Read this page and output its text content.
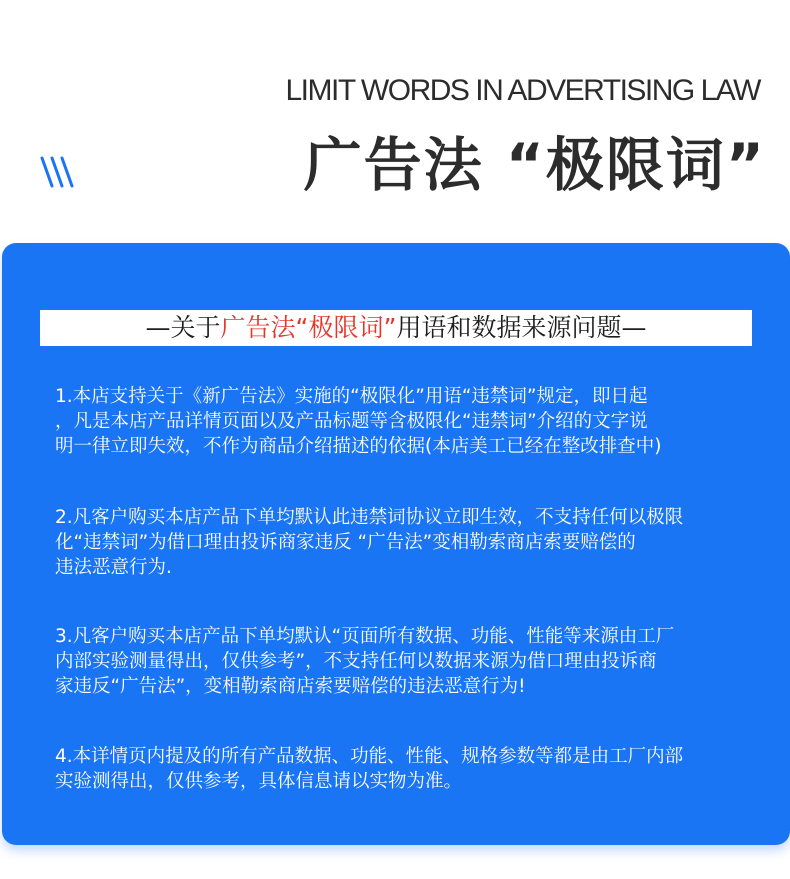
LIMIT WORDS IN ADVERTISING LAW
广告法 “极限词”
—关于广告法“极限词”用语和数据来源问题—
1.本店支持关于《新广告法》实施的“极限化”用语“违禁词”规定，即日起
，凡是本店产品详情页面以及产品标题等含极限化“违禁词”介绍的文字说
明一律立即失效，不作为商品介绍描述的依据(本店美工已经在整改排查中)
2.凡客户购买本店产品下单均默认此违禁词协议立即生效，不支持任何以极限
化“违禁词”为借口理由投诉商家违反 “广告法”变相勒索商店索要赔偿的
违法恶意行为.
3.凡客户购买本店产品下单均默认“页面所有数据、功能、性能等来源由工厂
内部实验测量得出，仅供参考”，不支持任何以数据来源为借口理由投诉商
家违反“广告法”，变相勒索商店索要赔偿的违法恶意行为!
4.本详情页内提及的所有产品数据、功能、性能、规格参数等都是由工厂内部
实验测得出，仅供参考，具体信息请以实物为准。
